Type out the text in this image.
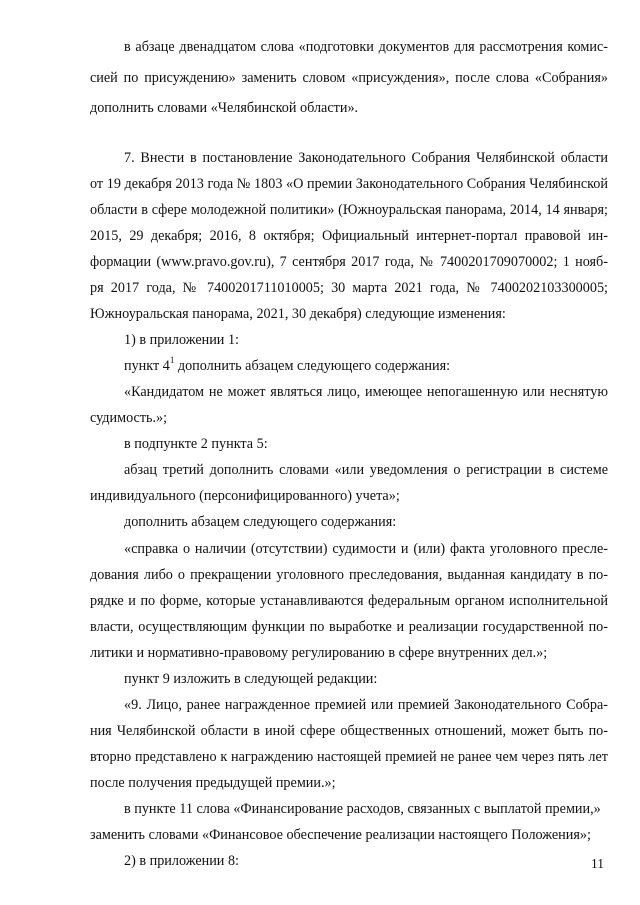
в абзаце двенадцатом слова «подготовки документов для рассмотрения комис-
сией по присуждению» заменить словом «присуждения», после слова «Собрания»
дополнить словами «Челябинской области».
7. Внести в постановление Законодательного Собрания Челябинской области
от 19 декабря 2013 года № 1803 «О премии Законодательного Собрания Челябинской
области в сфере молодежной политики» (Южноуральская панорама, 2014, 14 января;
2015, 29 декабря; 2016, 8 октября; Официальный интернет-портал правовой ин-
формации (www.pravo.gov.ru), 7 сентября 2017 года, № 7400201709070002; 1 нояб-
ря 2017 года, № 7400201711010005; 30 марта 2021 года, № 7400202103300005;
Южноуральская панорама, 2021, 30 декабря) следующие изменения:
1) в приложении 1:
пункт $4^1$ дополнить абзацем следующего содержания:
«Кандидатом не может являться лицо, имеющее непогашенную или неснятую
судимость.»;
в подпункте 2 пункта 5:
абзац третий дополнить словами «или уведомления о регистрации в системе
индивидуального (персонифицированного) учета»;
дополнить абзацем следующего содержания:
«справка о наличии (отсутствии) судимости и (или) факта уголовного пресле-
дования либо о прекращении уголовного преследования, выданная кандидату в по-
рядке и по форме, которые устанавливаются федеральным органом исполнительной
власти, осуществляющим функции по выработке и реализации государственной по-
литики и нормативно-правовому регулированию в сфере внутренних дел.»;
пункт 9 изложить в следующей редакции:
«9. Лицо, ранее награжденное премией или премией Законодательного Собра-
ния Челябинской области в иной сфере общественных отношений, может быть по-
вторно представлено к награждению настоящей премией не ранее чем через пять лет
после получения предыдущей премии.»;
в пункте 11 слова «Финансирование расходов, связанных с выплатой премии,»
заменить словами «Финансовое обеспечение реализации настоящего Положения»;
2) в приложении 8:	11
